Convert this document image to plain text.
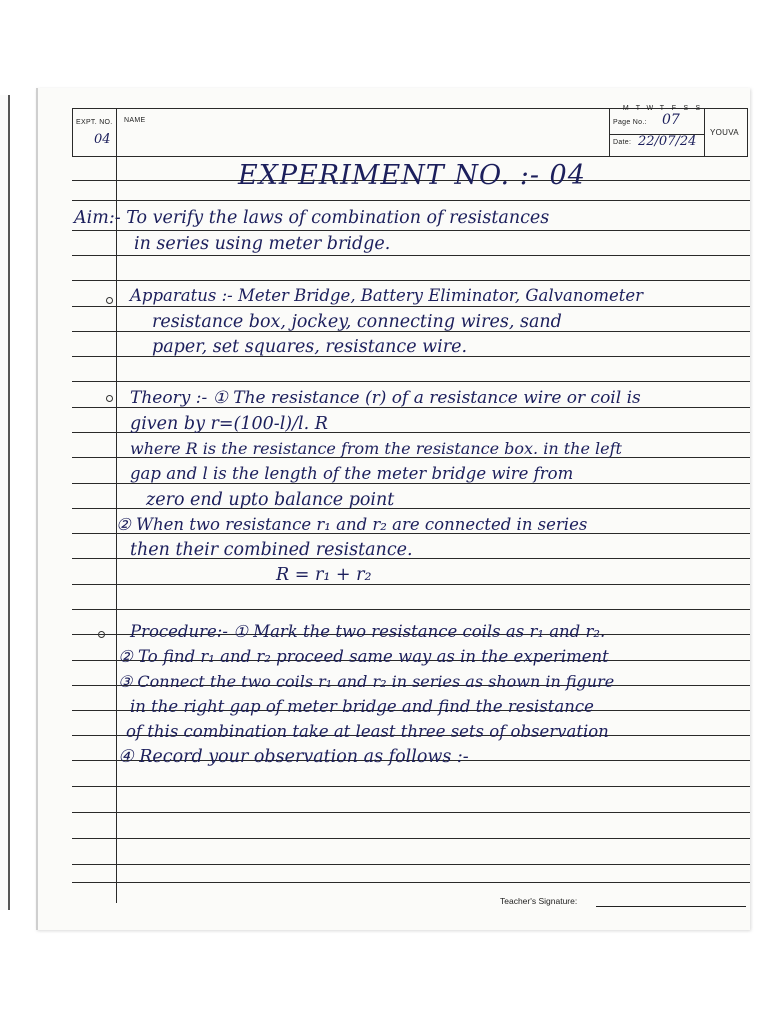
EXPT. NO.
04
NAME
M T W T F S S
Page No.: 07
Date: 22/07/24
YOUVA
EXPERIMENT NO. :- 04
Aim:- To verify the laws of combination of resistances
in series using meter bridge.
Apparatus :- Meter Bridge, Battery Eliminator, Galvanometer
resistance box, jockey, connecting wires, sand
paper, set squares, resistance wire.
Theory :- ① The resistance (r) of a resistance wire or coil is
given by r=(100-l)/l. R
where R is the resistance from the resistance box. in the left
gap and l is the length of the meter bridge wire from
zero end upto balance point
② When two resistance r₁ and r₂ are connected in series
then their combined resistance.
R = r₁ + r₂
Procedure:- ① Mark the two resistance coils as r₁ and r₂.
② To find r₁ and r₂ proceed same way as in the experiment
③ Connect the two coils r₁ and r₂ in series as shown in figure
in the right gap of meter bridge and find the resistance
of this combination take at least three sets of observation
④ Record your observation as follows :-
Teacher's Signature:
